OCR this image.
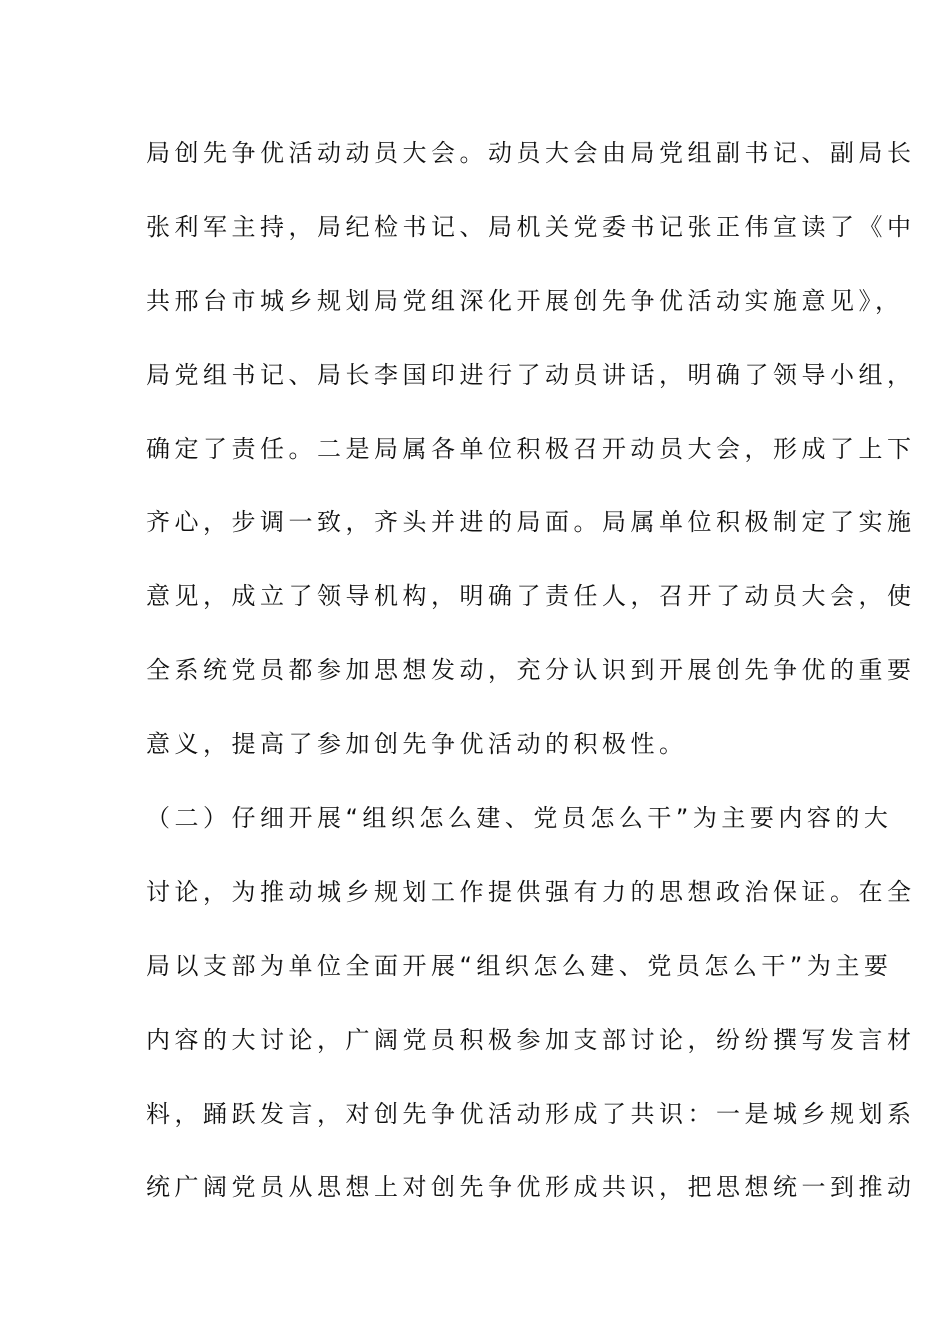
局创先争优活动动员大会。动员大会由局党组副书记、副局长
张利军主持，局纪检书记、局机关党委书记张正伟宣读了《中
共邢台市城乡规划局党组深化开展创先争优活动实施意见》，
局党组书记、局长李国印进行了动员讲话，明确了领导小组，
确定了责任。二是局属各单位积极召开动员大会，形成了上下
齐心，步调一致，齐头并进的局面。局属单位积极制定了实施
意见，成立了领导机构，明确了责任人，召开了动员大会，使
全系统党员都参加思想发动，充分认识到开展创先争优的重要
意义，提高了参加创先争优活动的积极性。
（二）仔细开展“组织怎么建、党员怎么干”为主要内容的大
讨论，为推动城乡规划工作提供强有力的思想政治保证。在全
局以支部为单位全面开展“组织怎么建、党员怎么干”为主要
内容的大讨论，广阔党员积极参加支部讨论，纷纷撰写发言材
料，踊跃发言，对创先争优活动形成了共识：一是城乡规划系
统广阔党员从思想上对创先争优形成共识，把思想统一到推动
